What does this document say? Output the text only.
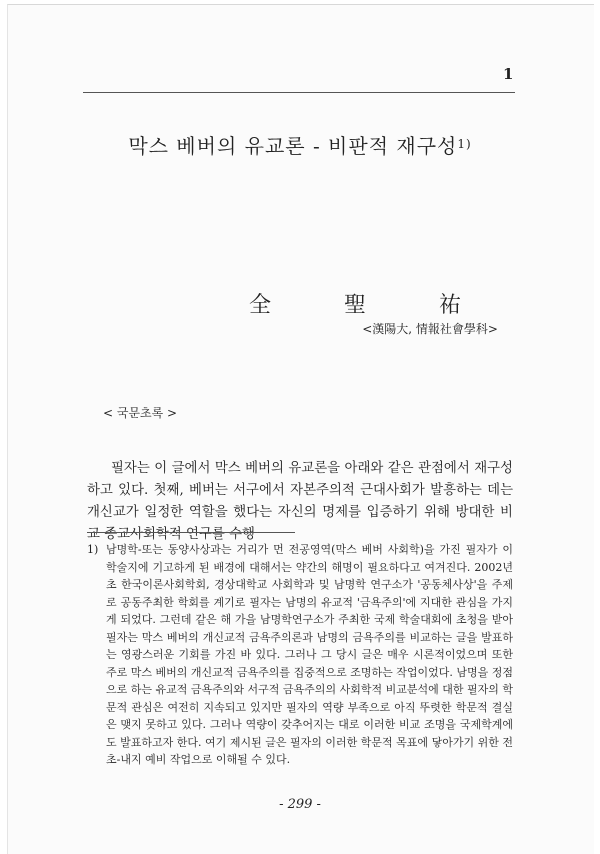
1
막스 베버의 유교론 - 비판적 재구성$^{1)}$
全 聖 祐
<漢陽大, 情報社會學科>
< 국문초록 >

필자는 이 글에서 막스 베버의 유교론을 아래와 같은 관점에서 재구성하고 있다. 첫째, 베버는 서구에서 자본주의적 근대사회가 발흥하는 데는 개신교가 일정한 역할을 했다는 자신의 명제를 입증하기 위해 방대한 비교 종교사회학적 연구를 수행

1) 남명학-또는 동양사상과는 거리가 먼 전공영역(막스 베버 사회학)을 가진 필자가 이 학술지에 기고하게 된 배경에 대해서는 약간의 해명이 필요하다고 여겨진다. 2002년 초 한국이론사회학회, 경상대학교 사회학과 및 남명학 연구소가 '공동체사상'을 주제로 공동주최한 학회를 계기로 필자는 남명의 유교적 '금욕주의'에 지대한 관심을 가지게 되었다. 그런데 같은 해 가을 남명학연구소가 주최한 국제 학술대회에 초청을 받아 필자는 막스 베버의 개신교적 금욕주의론과 남명의 금욕주의를 비교하는 글을 발표하는 영광스러운 기회를 가진 바 있다. 그러나 그 당시 글은 매우 시론적이었으며 또한 주로 막스 베버의 개신교적 금욕주의를 집중적으로 조명하는 작업이었다. 남명을 정점으로 하는 유교적 금욕주의와 서구적 금욕주의의 사회학적 비교분석에 대한 필자의 학문적 관심은 여전히 지속되고 있지만 필자의 역량 부족으로 아직 뚜렷한 학문적 결실은 맺지 못하고 있다. 그러나 역량이 갖추어지는 대로 이러한 비교 조명을 국제학계에도 발표하고자 한다. 여기 제시된 글은 필자의 이러한 학문적 목표에 닿아가기 위한 전초-내지 예비 작업으로 이해될 수 있다.
- 299 -
